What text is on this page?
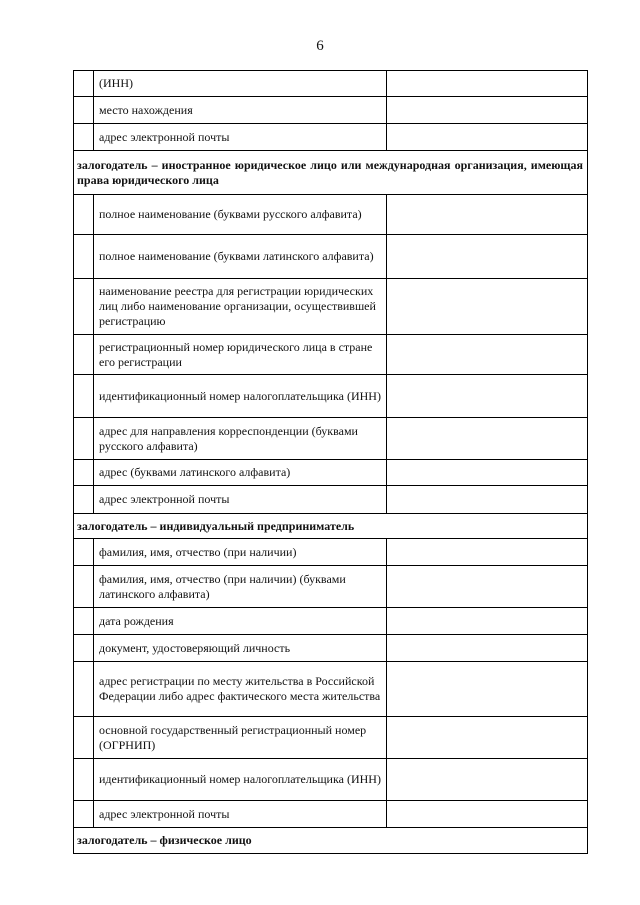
6
	(ИНН)	
	место нахождения	
	адрес электронной почты	
залогодатель – иностранное юридическое лицо или международная организация, имеющая права юридического лица		
	полное наименование (буквами русского алфавита)	
	полное наименование (буквами латинского алфавита)	
	наименование реестра для регистрации юридических лиц либо наименование организации, осуществившей регистрацию	
	регистрационный номер юридического лица в стране его регистрации	
	идентификационный номер налогоплательщика (ИНН)	
	адрес для направления корреспонденции (буквами русского алфавита)	
	адрес (буквами латинского алфавита)	
	адрес электронной почты	
залогодатель – индивидуальный предприниматель		
	фамилия, имя, отчество (при наличии)	
	фамилия, имя, отчество (при наличии) (буквами латинского алфавита)	
	дата рождения	
	документ, удостоверяющий личность	
	адрес регистрации по месту жительства в Российской Федерации либо адрес фактического места жительства	
	основной государственный регистрационный номер (ОГРНИП)	
	идентификационный номер налогоплательщика (ИНН)	
	адрес электронной почты	
залогодатель – физическое лицо		
